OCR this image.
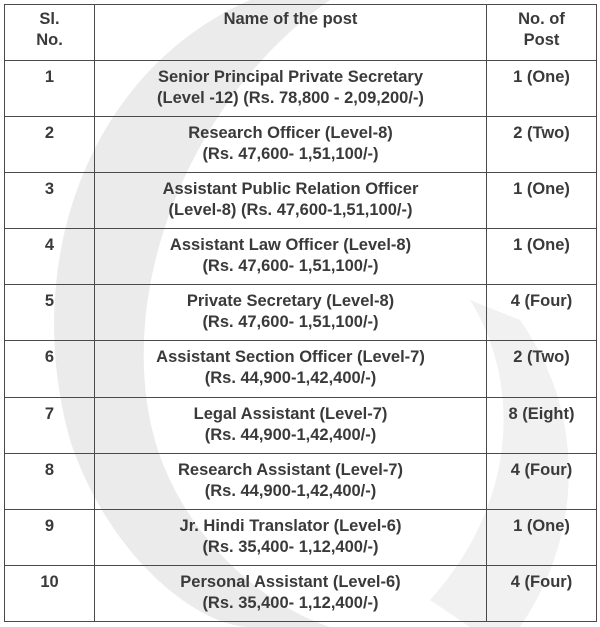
Sl.
No.	Name of the post	No. of
Post

1	Senior Principal Private Secretary
(Level -12) (Rs. 78,800 - 2,09,200/-)	1 (One)
2	Research Officer (Level-8)
(Rs. 47,600- 1,51,100/-)	2 (Two)
3	Assistant Public Relation Officer
(Level-8) (Rs. 47,600-1,51,100/-)	1 (One)
4	Assistant Law Officer (Level-8)
(Rs. 47,600- 1,51,100/-)	1 (One)
5	Private Secretary (Level-8)
(Rs. 47,600- 1,51,100/-)	4 (Four)
6	Assistant Section Officer (Level-7)
(Rs. 44,900-1,42,400/-)	2 (Two)
7	Legal Assistant (Level-7)
(Rs. 44,900-1,42,400/-)	8 (Eight)
8	Research Assistant (Level-7)
(Rs. 44,900-1,42,400/-)	4 (Four)
9	Jr. Hindi Translator (Level-6)
(Rs. 35,400- 1,12,400/-)	1 (One)
10	Personal Assistant (Level-6)
(Rs. 35,400- 1,12,400/-)	4 (Four)
